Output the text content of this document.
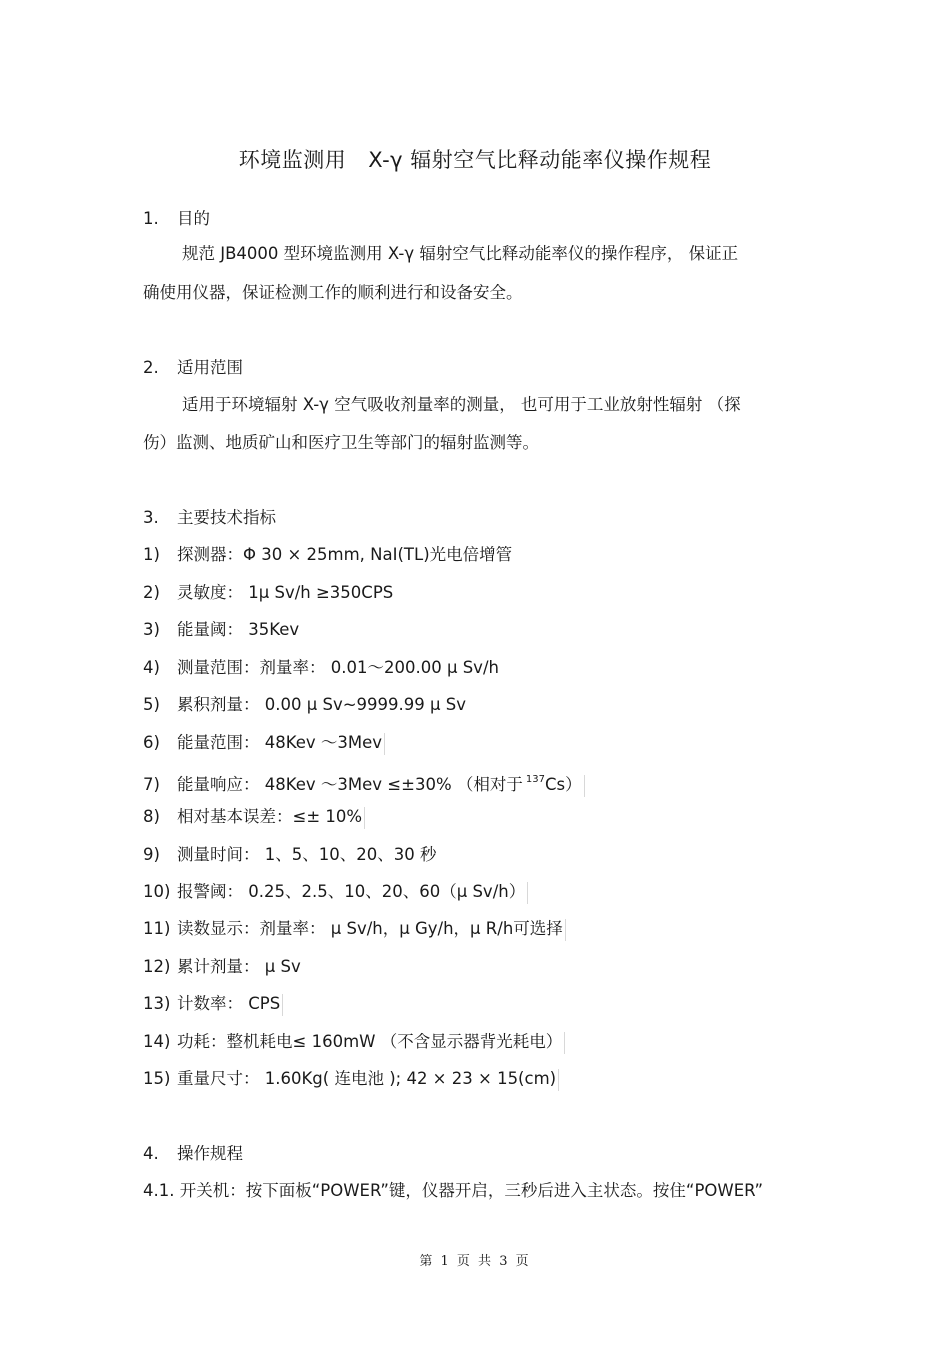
环境监测用 X-γ 辐射空气比释动能率仪操作规程
1. 目的
规范 JB4000 型环境监测用 X-γ 辐射空气比释动能率仪的操作程序， 保证正
确使用仪器，保证检测工作的顺利进行和设备安全。
2. 适用范围
适用于环境辐射 X-γ 空气吸收剂量率的测量， 也可用于工业放射性辐射 （探
伤）监测、地质矿山和医疗卫生等部门的辐射监测等。
3. 主要技术指标
1) 探测器：Φ 30 × 25mm, NaI(TL)光电倍增管
2) 灵敏度： 1μ Sv/h ≥350CPS
3) 能量阈： 35Kev
4) 测量范围：剂量率： 0.01～200.00 μ Sv/h
5) 累积剂量： 0.00 μ Sv~9999.99 μ Sv
6) 能量范围： 48Kev ～3Mev
7) 能量响应： 48Kev ～3Mev ≤±30% （相对于 $^{137}$Cs）
8) 相对基本误差：≤± 10%
9) 测量时间： 1、5、10、20、30 秒
10) 报警阈： 0.25、2.5、10、20、60（μ Sv/h）
11) 读数显示：剂量率： μ Sv/h，μ Gy/h，μ R/h可选择
12) 累计剂量： μ Sv
13) 计数率： CPS
14) 功耗：整机耗电≤ 160mW （不含显示器背光耗电）
15) 重量尺寸： 1.60Kg( 连电池 ); 42 × 23 × 15(cm)
4. 操作规程
4.1. 开关机：按下面板“POWER”键，仪器开启，三秒后进入主状态。按住“POWER”
第 1 页 共 3 页
